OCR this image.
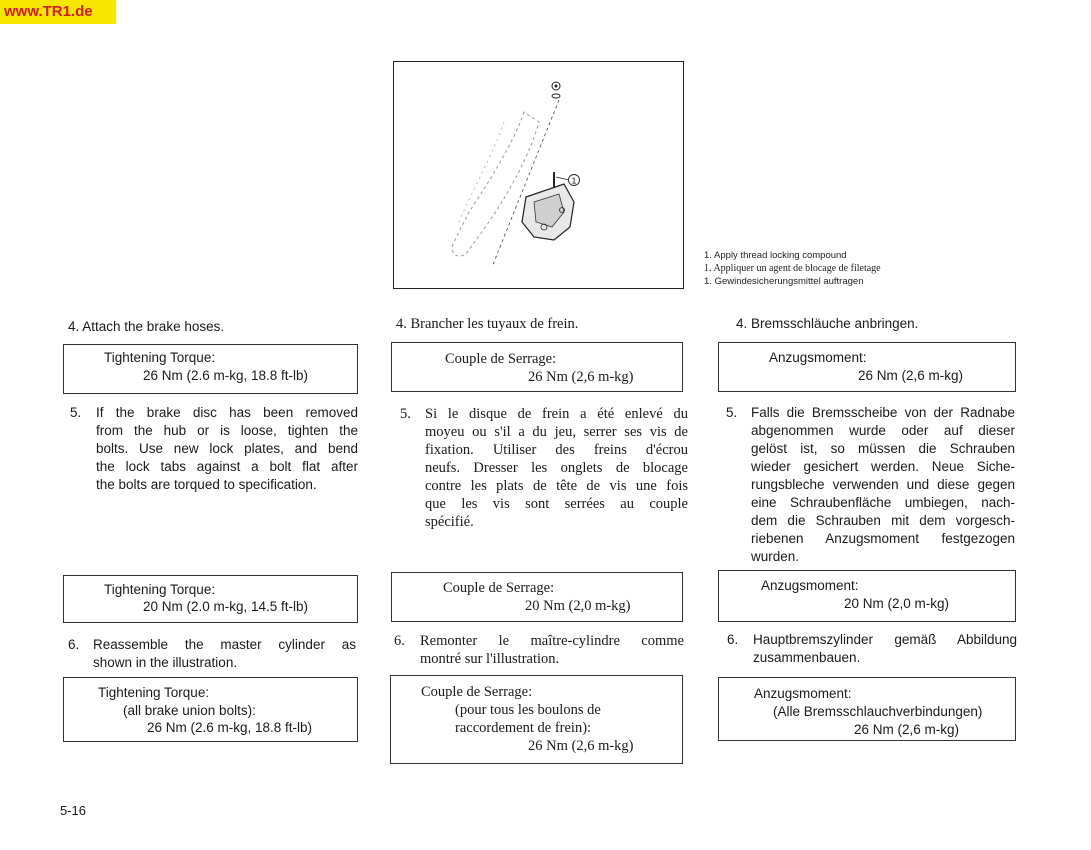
www.TR1.de
1
1. Apply thread locking compound
1. Appliquer un agent de blocage de filetage
1. Gewindesicherungsmittel auftragen
4. Attach the brake hoses.
Tightening Torque:
26 Nm (2.6 m-kg, 18.8 ft-lb)
5. If the brake disc has been removed
from the hub or is loose, tighten the
bolts. Use new lock plates, and bend
the lock tabs against a bolt flat after
the bolts are torqued to specification.
Tightening Torque:
20 Nm (2.0 m-kg, 14.5 ft-lb)
6. Reassemble the master cylinder as
shown in the illustration.
Tightening Torque:
(all brake union bolts):
26 Nm (2.6 m-kg, 18.8 ft-lb)
4. Brancher les tuyaux de frein.
Couple de Serrage:
26 Nm (2,6 m-kg)
5. Si le disque de frein a été enlevé du
moyeu ou s'il a du jeu, serrer ses vis de
fixation. Utiliser des freins d'écrou
neufs. Dresser les onglets de blocage
contre les plats de tête de vis une fois
que les vis sont serrées au couple
spécifié.
Couple de Serrage:
20 Nm (2,0 m-kg)
6. Remonter le maître-cylindre comme
montré sur l'illustration.
Couple de Serrage:
(pour tous les boulons de
raccordement de frein):
26 Nm (2,6 m-kg)
4. Bremsschläuche anbringen.
Anzugsmoment:
26 Nm (2,6 m-kg)
5. Falls die Bremsscheibe von der Radnabe
abgenommen wurde oder auf dieser
gelöst ist, so müssen die Schrauben
wieder gesichert werden. Neue Siche-
rungsbleche verwenden und diese gegen
eine Schraubenfläche umbiegen, nach-
dem die Schrauben mit dem vorgesch-
riebenen Anzugsmoment festgezogen
wurden.
Anzugsmoment:
20 Nm (2,0 m-kg)
6. Hauptbremszylinder gemäß Abbildung
zusammenbauen.
Anzugsmoment:
(Alle Bremsschlauchverbindungen)
26 Nm (2,6 m-kg)
5-16
